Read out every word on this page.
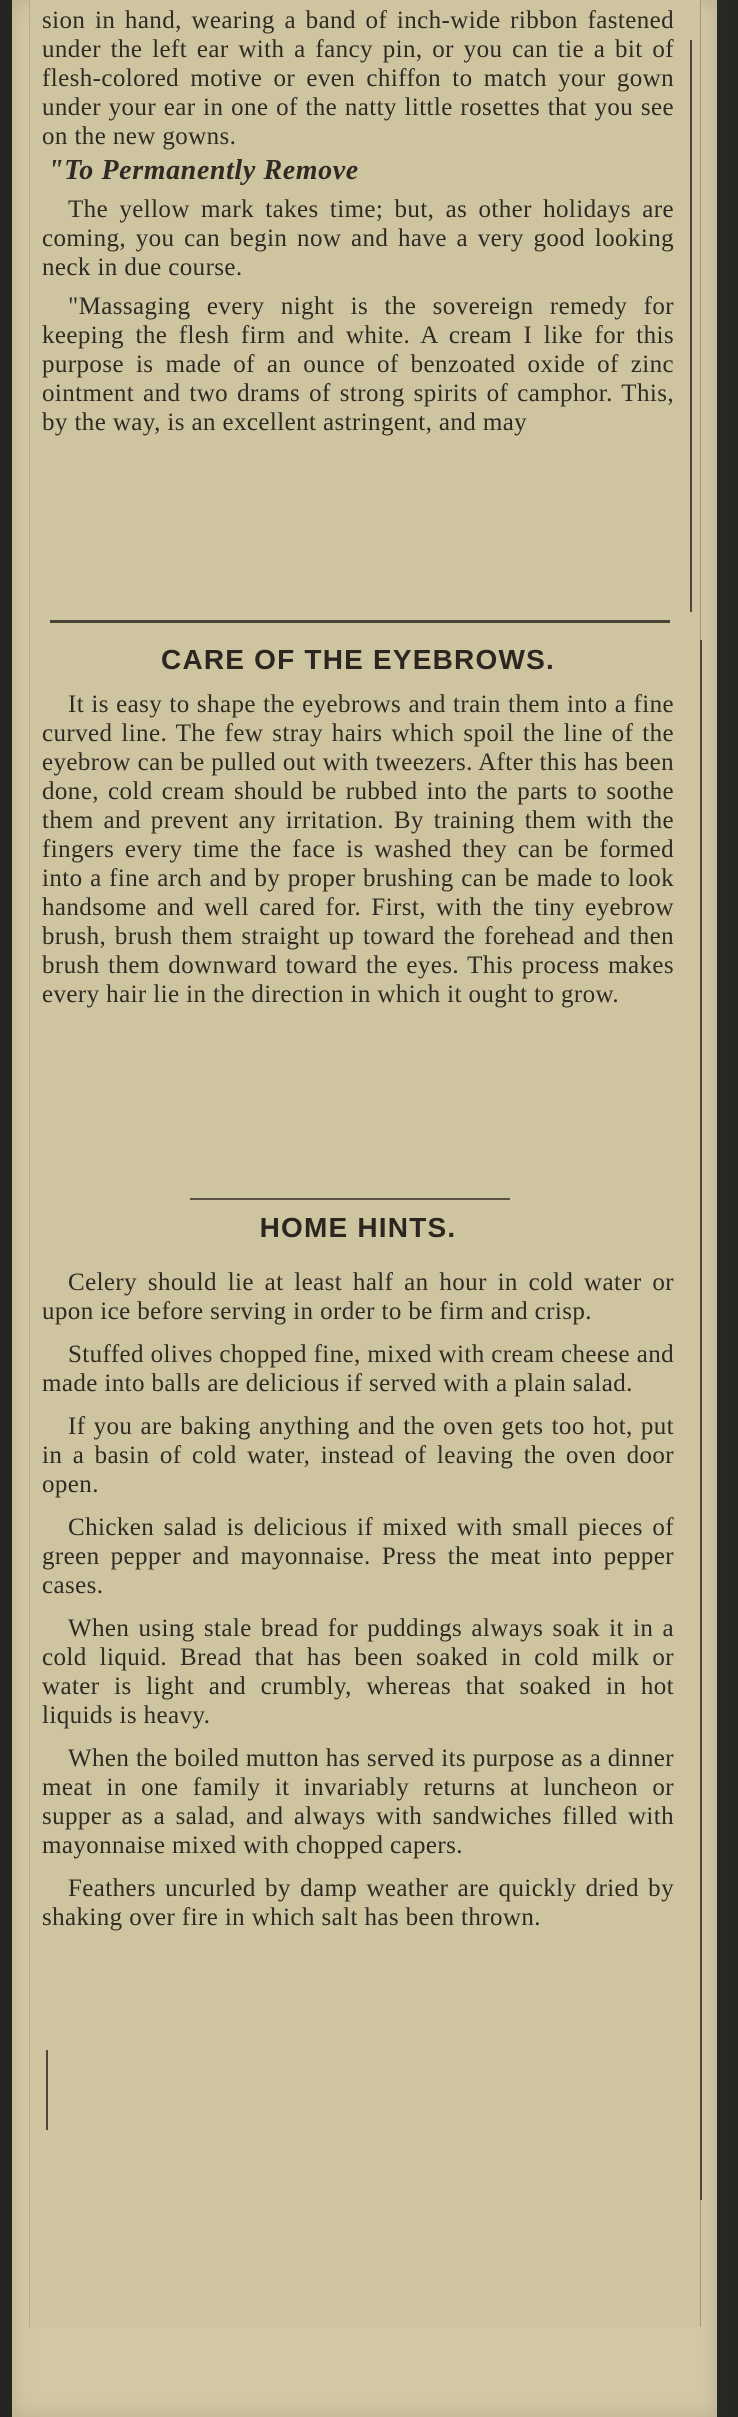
sion in hand, wearing a band of inch-wide ribbon fastened under the left ear with a fancy pin, or you can tie a bit of flesh-colored motive or even chiffon to match your gown under your ear in one of the natty little rosettes that you see on the new gowns.

"To Permanently Remove

The yellow mark takes time; but, as other holidays are coming, you can begin now and have a very good looking neck in due course.

"Massaging every night is the sovereign remedy for keeping the flesh firm and white. A cream I like for this purpose is made of an ounce of benzoated oxide of zinc ointment and two drams of strong spirits of camphor. This, by the way, is an excellent astringent, and may

CARE OF THE EYEBROWS.

It is easy to shape the eyebrows and train them into a fine curved line. The few stray hairs which spoil the line of the eyebrow can be pulled out with tweezers. After this has been done, cold cream should be rubbed into the parts to soothe them and prevent any irritation. By training them with the fingers every time the face is washed they can be formed into a fine arch and by proper brushing can be made to look handsome and well cared for. First, with the tiny eyebrow brush, brush them straight up toward the forehead and then brush them downward toward the eyes. This process makes every hair lie in the direction in which it ought to grow.

HOME HINTS.

Celery should lie at least half an hour in cold water or upon ice before serving in order to be firm and crisp.

Stuffed olives chopped fine, mixed with cream cheese and made into balls are delicious if served with a plain salad.

If you are baking anything and the oven gets too hot, put in a basin of cold water, instead of leaving the oven door open.

Chicken salad is delicious if mixed with small pieces of green pepper and mayonnaise. Press the meat into pepper cases.

When using stale bread for puddings always soak it in a cold liquid. Bread that has been soaked in cold milk or water is light and crumbly, whereas that soaked in hot liquids is heavy.

When the boiled mutton has served its purpose as a dinner meat in one family it invariably returns at luncheon or supper as a salad, and always with sandwiches filled with mayonnaise mixed with chopped capers.

Feathers uncurled by damp weather are quickly dried by shaking over fire in which salt has been thrown.
